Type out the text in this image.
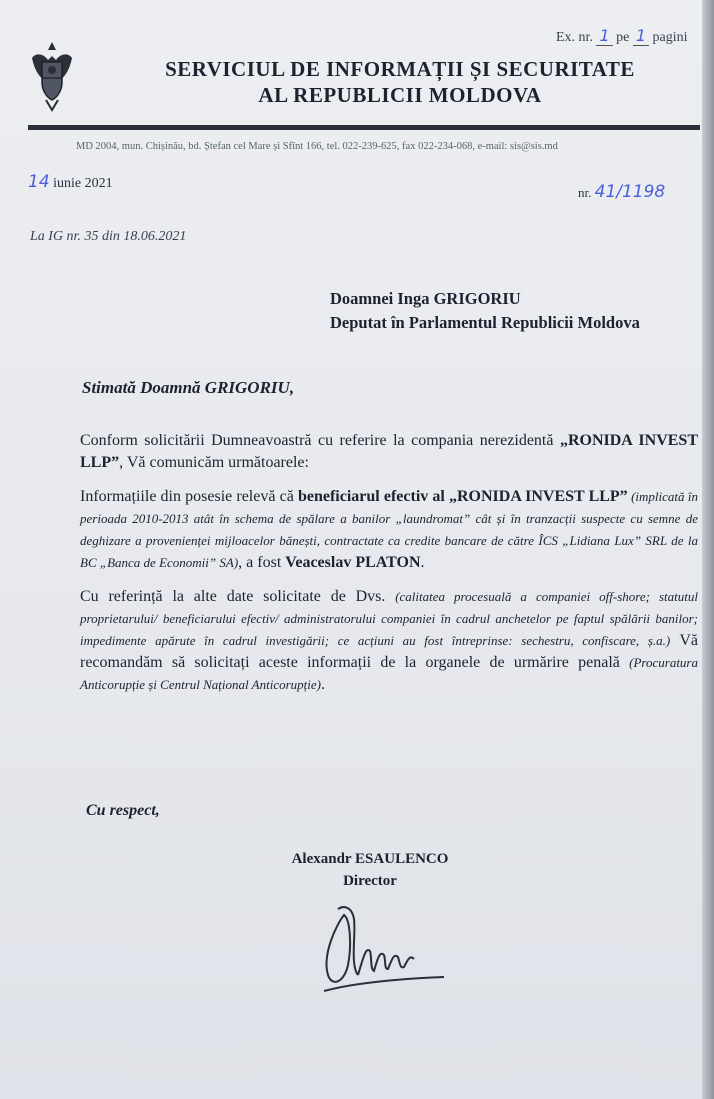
Ex. nr. 1 pe 1 pagini
SERVICIUL DE INFORMAȚII ȘI SECURITATE
AL REPUBLICII MOLDOVA
MD 2004, mun. Chișinău, bd. Ștefan cel Mare și Sfînt 166, tel. 022-239-625, fax 022-234-068, e-mail: sis@sis.md
14 iunie 2021
nr. 41/1198
La IG nr. 35 din 18.06.2021
Doamnei Inga GRIGORIU
Deputat în Parlamentul Republicii Moldova
Stimată Doamnă GRIGORIU,

Conform solicitării Dumneavoastră cu referire la compania nerezidentă „RONIDA INVEST LLP”, Vă comunicăm următoarele:

Informațiile din posesie relevă că beneficiarul efectiv al „RONIDA INVEST LLP” (implicată în perioada 2010-2013 atât în schema de spălare a banilor „laundromat” cât și în tranzacții suspecte cu semne de deghizare a provenienței mijloacelor bănești, contractate ca credite bancare de către ÎCS „Lidiana Lux” SRL de la BC „Banca de Economii” SA), a fost Veaceslav PLATON.

Cu referință la alte date solicitate de Dvs. (calitatea procesuală a companiei off-shore; statutul proprietarului/ beneficiarului efectiv/ administratorului companiei în cadrul anchetelor pe faptul spălării banilor; impedimente apărute în cadrul investigării; ce acțiuni au fost întreprinse: sechestru, confiscare, ș.a.) Vă recomandăm să solicitați aceste informații de la organele de urmărire penală (Procuratura Anticorupție și Centrul Național Anticorupție).

Cu respect,
Alexandr ESAULENCO
Director
